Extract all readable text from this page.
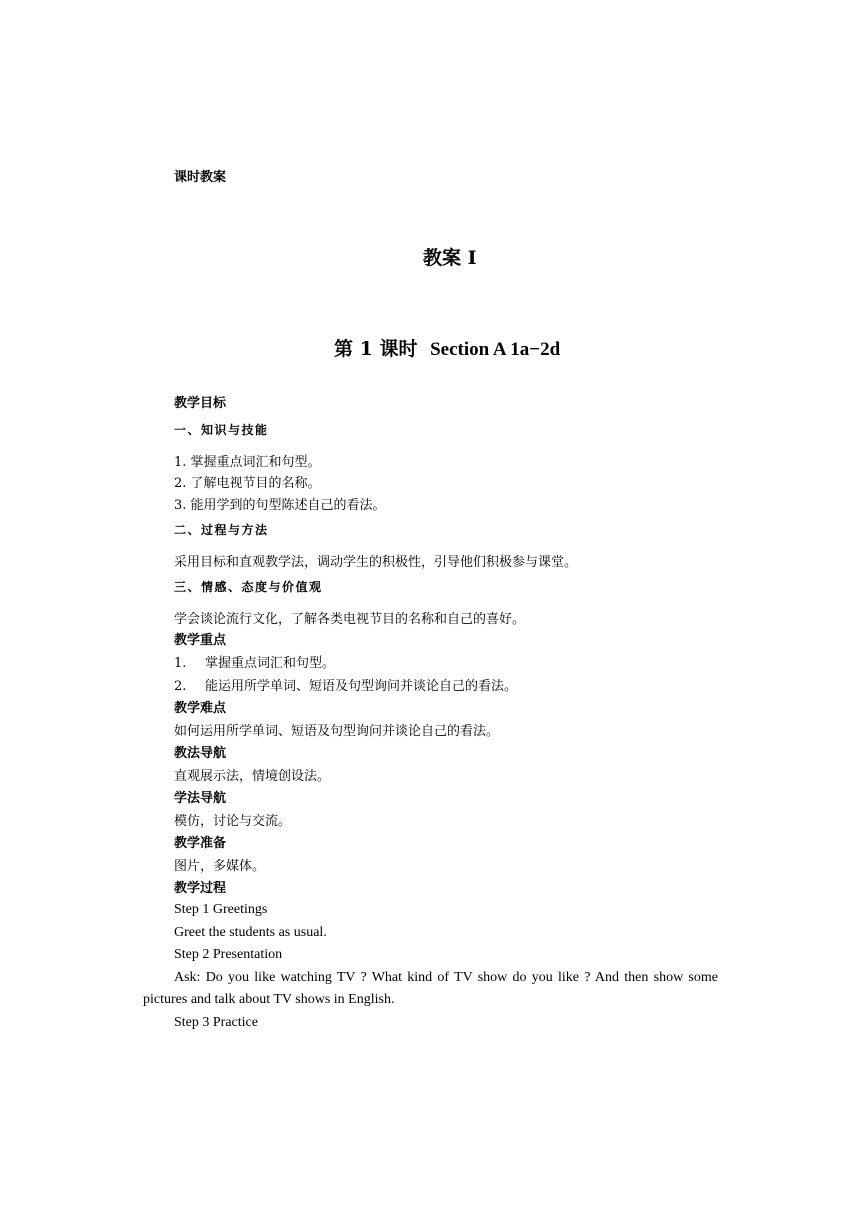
课时教案
教案 I
第 1 课时 Section A 1a−2d
教学目标
一、知识与技能
1. 掌握重点词汇和句型。
2. 了解电视节目的名称。
3. 能用学到的句型陈述自己的看法。
二、过程与方法
采用目标和直观教学法，调动学生的积极性，引导他们积极参与课堂。
三、情感、态度与价值观
学会谈论流行文化，了解各类电视节目的名称和自己的喜好。
教学重点
1. 掌握重点词汇和句型。
2. 能运用所学单词、短语及句型询问并谈论自己的看法。
教学难点
如何运用所学单词、短语及句型询问并谈论自己的看法。
教法导航
直观展示法，情境创设法。
学法导航
模仿，讨论与交流。
教学准备
图片，多媒体。
教学过程
Step 1 Greetings
Greet the students as usual.
Step 2 Presentation
Ask: Do you like watching TV ? What kind of TV show do you like ? And then show some pictures and talk about TV shows in English.
Step 3 Practice
